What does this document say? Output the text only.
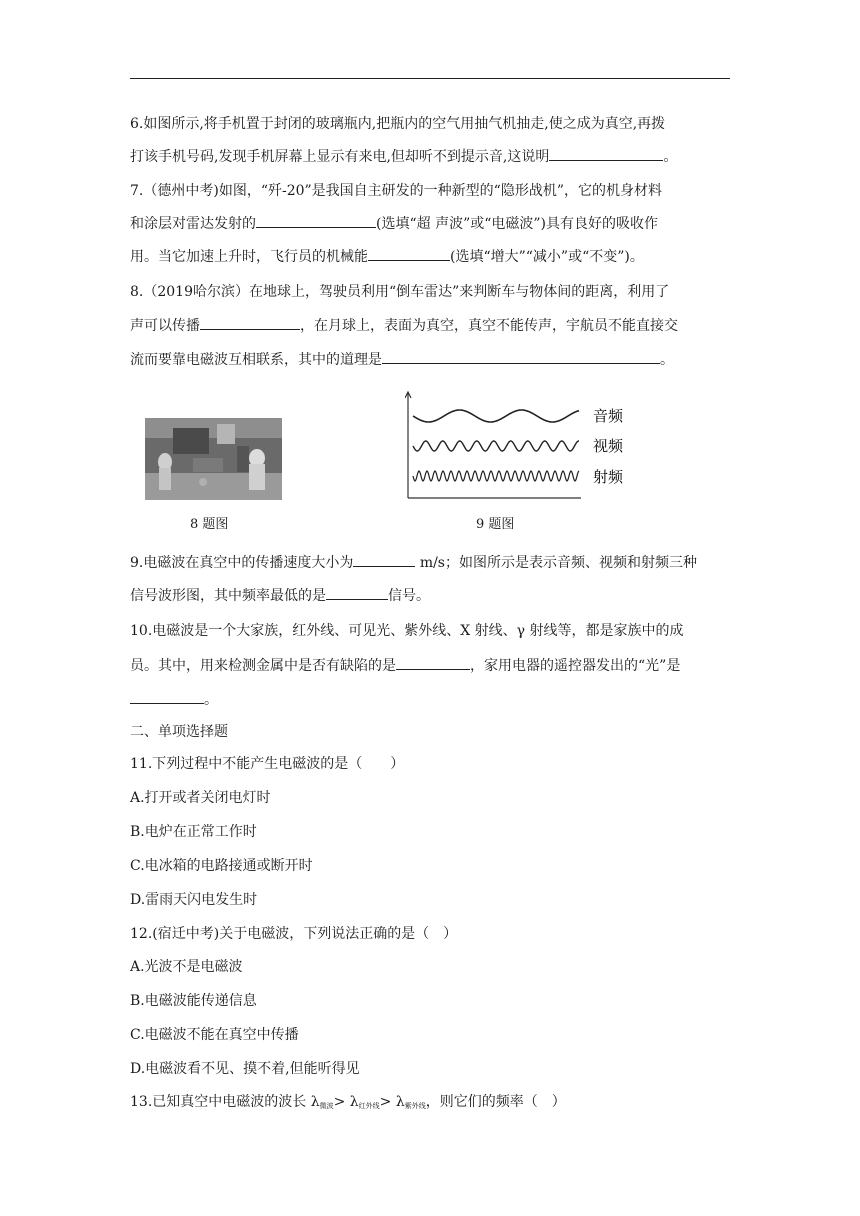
6.如图所示,将手机置于封闭的玻璃瓶内,把瓶内的空气用抽气机抽走,使之成为真空,再拨
打该手机号码,发现手机屏幕上显示有来电,但却听不到提示音,这说明	。
7.（德州中考)如图，“歼-20”是我国自主研发的一种新型的“隐形战机”，它的机身材料
和涂层对雷达发射的	(选填“超 声波”或“电磁波”)具有良好的吸收作
用。当它加速上升时，飞行员的机械能	(选填“增大”“减小”或“不变”)。
8.（2019哈尔滨）在地球上，驾驶员利用“倒车雷达”来判断车与物体间的距离，利用了
声可以传播	，在月球上，表面为真空，真空不能传声，宇航员不能直接交
流而要靠电磁波互相联系，其中的道理是	。
音频
视频
射频
8 题图	9 题图
9.电磁波在真空中的传播速度大小为	m/s；如图所示是表示音频、视频和射频三种
信号波形图，其中频率最低的是	信号。
10.电磁波是一个大家族，红外线、可见光、紫外线、X 射线、γ 射线等，都是家族中的成
员。其中，用来检测金属中是否有缺陷的是	，家用电器的遥控器发出的“光”是
。
二、单项选择题
11.下列过程中不能产生电磁波的是（　　）
A.打开或者关闭电灯时
B.电炉在正常工作时
C.电冰箱的电路接通或断开时
D.雷雨天闪电发生时
12.(宿迁中考)关于电磁波，下列说法正确的是（　）
A.光波不是电磁波
B.电磁波能传递信息
C.电磁波不能在真空中传播
D.电磁波看不见、摸不着,但能听得见
13.已知真空中电磁波的波长 $\lambda_{微波}> \lambda_{红外线}> \lambda_{紫外线}$，则它们的频率（　）
